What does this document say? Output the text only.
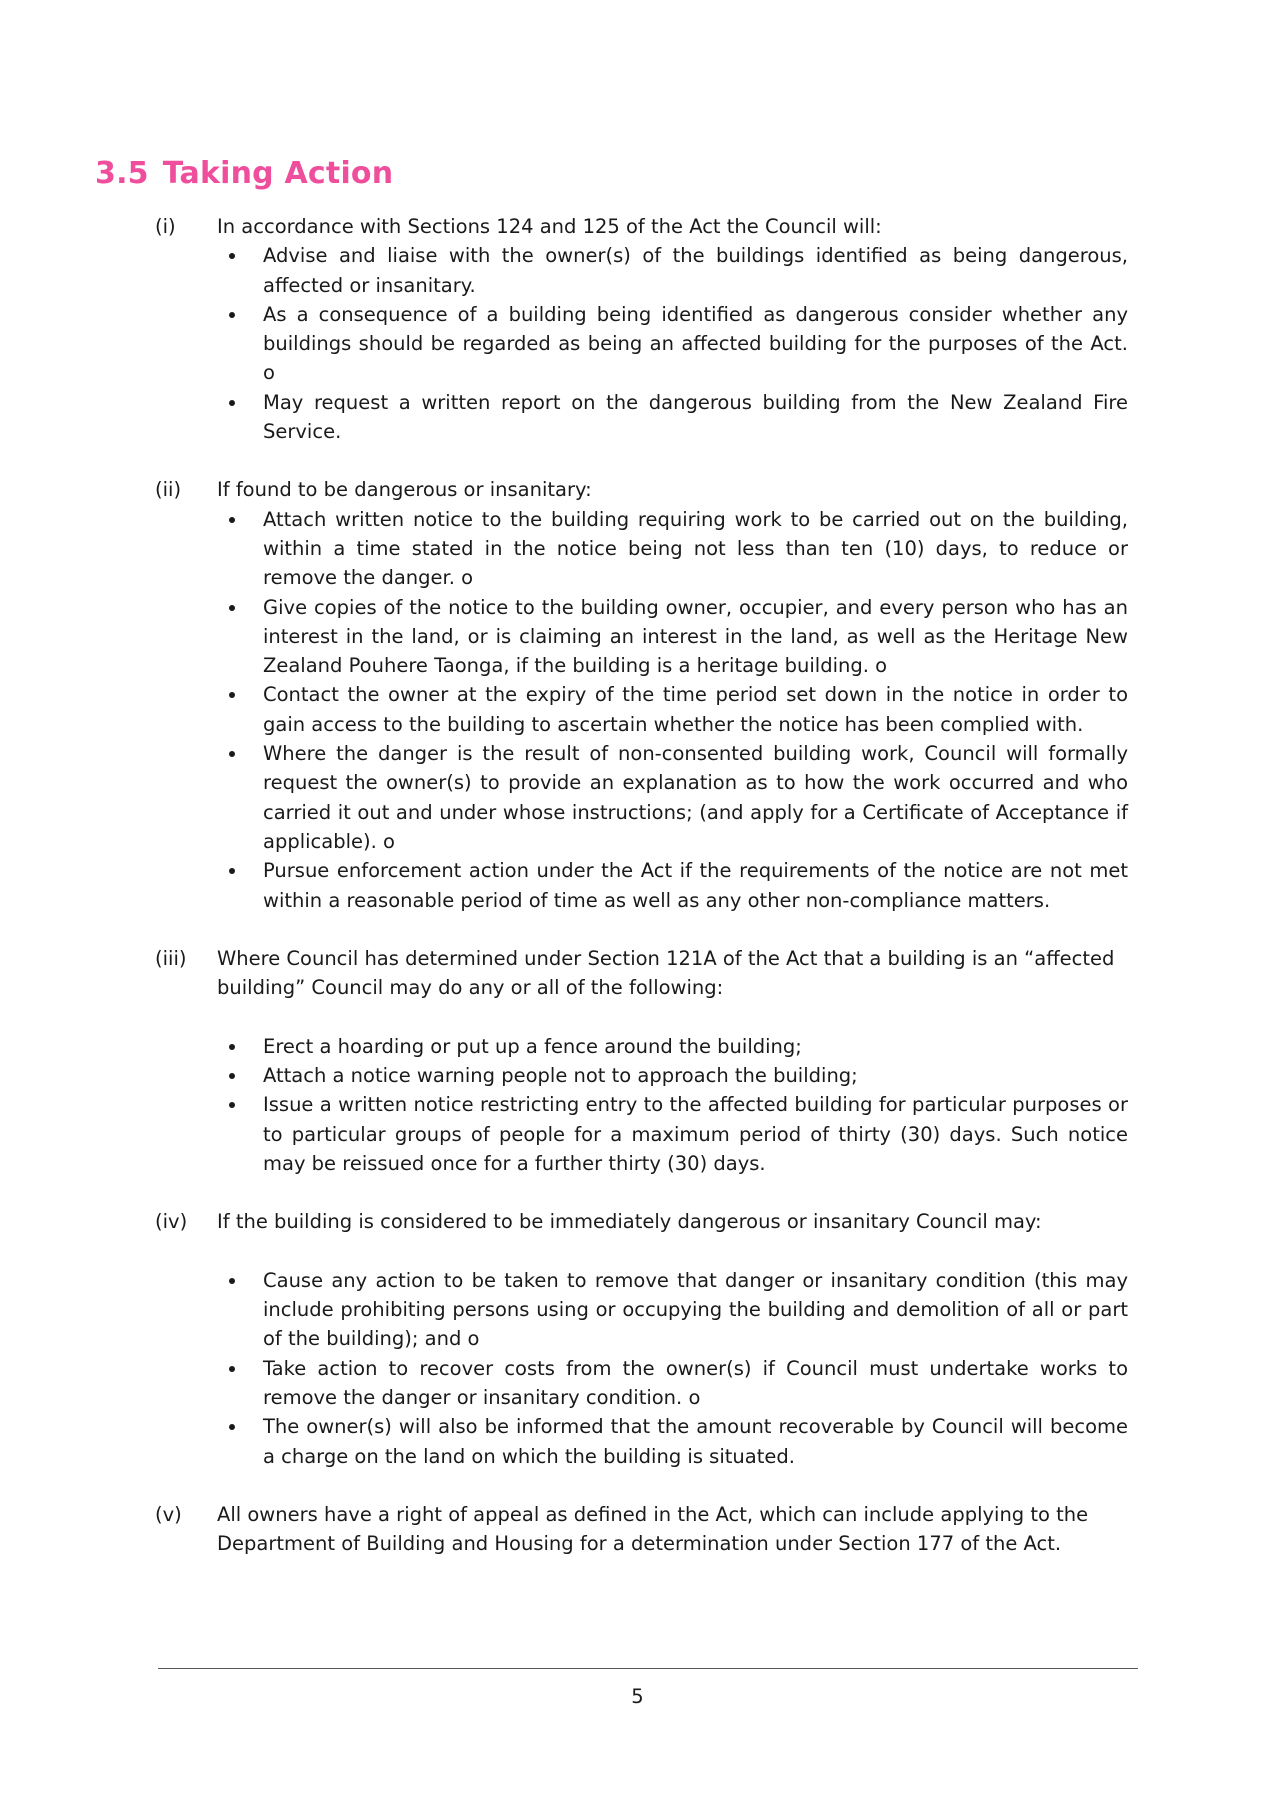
3.5 Taking Action
(i) In accordance with Sections 124 and 125 of the Act the Council will:
Advise and liaise with the owner(s) of the buildings identified as being dangerous, affected or insanitary.
As a consequence of a building being identified as dangerous consider whether any buildings should be regarded as being an affected building for the purposes of the Act. o
May request a written report on the dangerous building from the New Zealand Fire Service.
(ii) If found to be dangerous or insanitary:
Attach written notice to the building requiring work to be carried out on the building, within a time stated in the notice being not less than ten (10) days, to reduce or remove the danger. o
Give copies of the notice to the building owner, occupier, and every person who has an interest in the land, or is claiming an interest in the land, as well as the Heritage New Zealand Pouhere Taonga, if the building is a heritage building. o
Contact the owner at the expiry of the time period set down in the notice in order to gain access to the building to ascertain whether the notice has been complied with.
Where the danger is the result of non-consented building work, Council will formally request the owner(s) to provide an explanation as to how the work occurred and who carried it out and under whose instructions; (and apply for a Certificate of Acceptance if applicable). o
Pursue enforcement action under the Act if the requirements of the notice are not met within a reasonable period of time as well as any other non-compliance matters.
(iii) Where Council has determined under Section 121A of the Act that a building is an “affected building” Council may do any or all of the following:
Erect a hoarding or put up a fence around the building;
Attach a notice warning people not to approach the building;
Issue a written notice restricting entry to the affected building for particular purposes or to particular groups of people for a maximum period of thirty (30) days. Such notice may be reissued once for a further thirty (30) days.
(iv) If the building is considered to be immediately dangerous or insanitary Council may:
Cause any action to be taken to remove that danger or insanitary condition (this may include prohibiting persons using or occupying the building and demolition of all or part of the building); and o
Take action to recover costs from the owner(s) if Council must undertake works to remove the danger or insanitary condition. o
The owner(s) will also be informed that the amount recoverable by Council will become a charge on the land on which the building is situated.
(v) All owners have a right of appeal as defined in the Act, which can include applying to the Department of Building and Housing for a determination under Section 177 of the Act.
5
